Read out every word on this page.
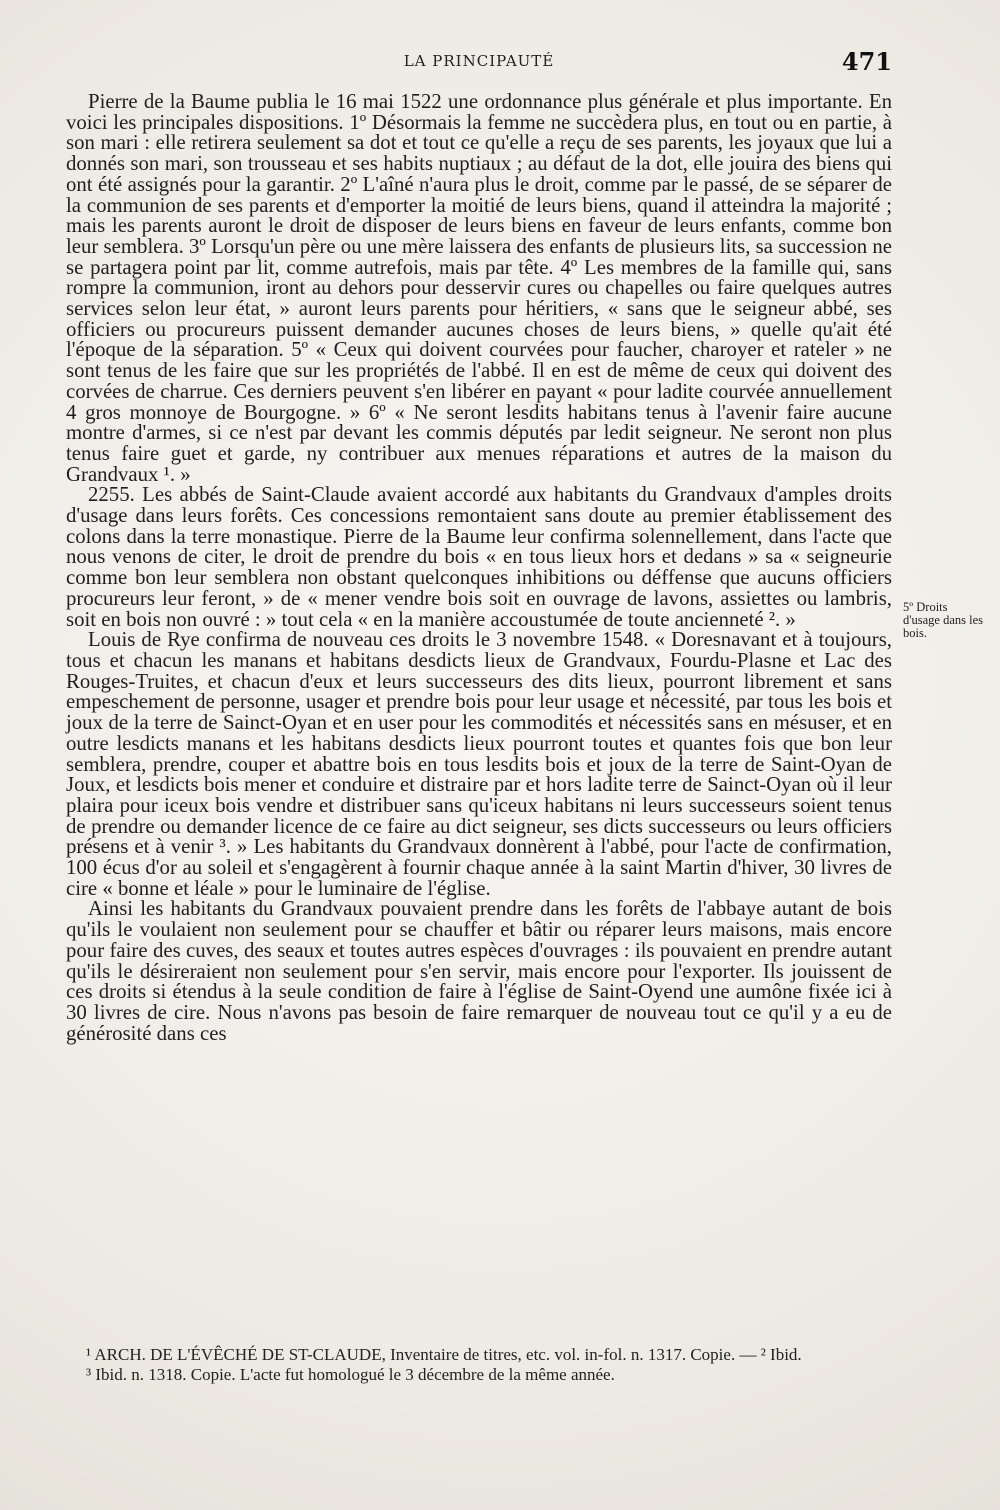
LA PRINCIPAUTÉ	471

Pierre de la Baume publia le 16 mai 1522 une ordonnance plus générale et plus importante. En voici les principales dispositions. 1º Désormais la femme ne succèdera plus, en tout ou en partie, à son mari : elle retirera seulement sa dot et tout ce qu'elle a reçu de ses parents, les joyaux que lui a donnés son mari, son trousseau et ses habits nuptiaux ; au défaut de la dot, elle jouira des biens qui ont été assignés pour la garantir. 2º L'aîné n'aura plus le droit, comme par le passé, de se séparer de la communion de ses parents et d'emporter la moitié de leurs biens, quand il atteindra la majorité ; mais les parents auront le droit de disposer de leurs biens en faveur de leurs enfants, comme bon leur semblera. 3º Lorsqu'un père ou une mère laissera des enfants de plusieurs lits, sa succession ne se partagera point par lit, comme autrefois, mais par tête. 4º Les membres de la famille qui, sans rompre la communion, iront au dehors pour desservir cures ou chapelles ou faire quelques autres services selon leur état, » auront leurs parents pour héritiers, « sans que le seigneur abbé, ses officiers ou procureurs puissent demander aucunes choses de leurs biens, » quelle qu'ait été l'époque de la séparation. 5º « Ceux qui doivent courvées pour faucher, charoyer et rateler » ne sont tenus de les faire que sur les propriétés de l'abbé. Il en est de même de ceux qui doivent des corvées de charrue. Ces derniers peuvent s'en libérer en payant « pour ladite courvée annuellement 4 gros monnoye de Bourgogne. » 6º « Ne seront lesdits habitans tenus à l'avenir faire aucune montre d'armes, si ce n'est par devant les commis députés par ledit seigneur. Ne seront non plus tenus faire guet et garde, ny contribuer aux menues réparations et autres de la maison du Grandvaux ¹. »

2255. Les abbés de Saint-Claude avaient accordé aux habitants du Grandvaux d'amples droits d'usage dans leurs forêts. Ces concessions remontaient sans doute au premier établissement des colons dans la terre monastique. Pierre de la Baume leur confirma solennellement, dans l'acte que nous venons de citer, le droit de prendre du bois « en tous lieux hors et dedans » sa « seigneurie comme bon leur semblera non obstant quelconques inhibitions ou déffense que aucuns officiers procureurs leur feront, » de « mener vendre bois soit en ouvrage de lavons, assiettes ou lambris, soit en bois non ouvré : » tout cela « en la manière accoustumée de toute ancienneté ². »

Louis de Rye confirma de nouveau ces droits le 3 novembre 1548. « Doresnavant et à toujours, tous et chacun les manans et habitans desdicts lieux de Grandvaux, Fourdu-Plasne et Lac des Rouges-Truites, et chacun d'eux et leurs successeurs des dits lieux, pourront librement et sans empeschement de personne, usager et prendre bois pour leur usage et nécessité, par tous les bois et joux de la terre de Sainct-Oyan et en user pour les commodités et nécessités sans en mésuser, et en outre lesdicts manans et les habitans desdicts lieux pourront toutes et quantes fois que bon leur semblera, prendre, couper et abattre bois en tous lesdits bois et joux de la terre de Saint-Oyan de Joux, et lesdicts bois mener et conduire et distraire par et hors ladite terre de Sainct-Oyan où il leur plaira pour iceux bois vendre et distribuer sans qu'iceux habitans ni leurs successeurs soient tenus de prendre ou demander licence de ce faire au dict seigneur, ses dicts successeurs ou leurs officiers présens et à venir ³. » Les habitants du Grandvaux donnèrent à l'abbé, pour l'acte de confirmation, 100 écus d'or au soleil et s'engagèrent à fournir chaque année à la saint Martin d'hiver, 30 livres de cire « bonne et léale » pour le luminaire de l'église.

Ainsi les habitants du Grandvaux pouvaient prendre dans les forêts de l'abbaye autant de bois qu'ils le voulaient non seulement pour se chauffer et bâtir ou réparer leurs maisons, mais encore pour faire des cuves, des seaux et toutes autres espèces d'ouvrages : ils pouvaient en prendre autant qu'ils le désireraient non seulement pour s'en servir, mais encore pour l'exporter. Ils jouissent de ces droits si étendus à la seule condition de faire à l'église de Saint-Oyend une aumône fixée ici à 30 livres de cire. Nous n'avons pas besoin de faire remarquer de nouveau tout ce qu'il y a eu de générosité dans ces

5º Droits d'usage dans les bois.

¹ ARCH. DE L'ÉVÊCHÉ DE ST-CLAUDE, Inventaire de titres, etc. vol. in-fol. n. 1317. Copie. — ² Ibid.

³ Ibid. n. 1318. Copie. L'acte fut homologué le 3 décembre de la même année.
